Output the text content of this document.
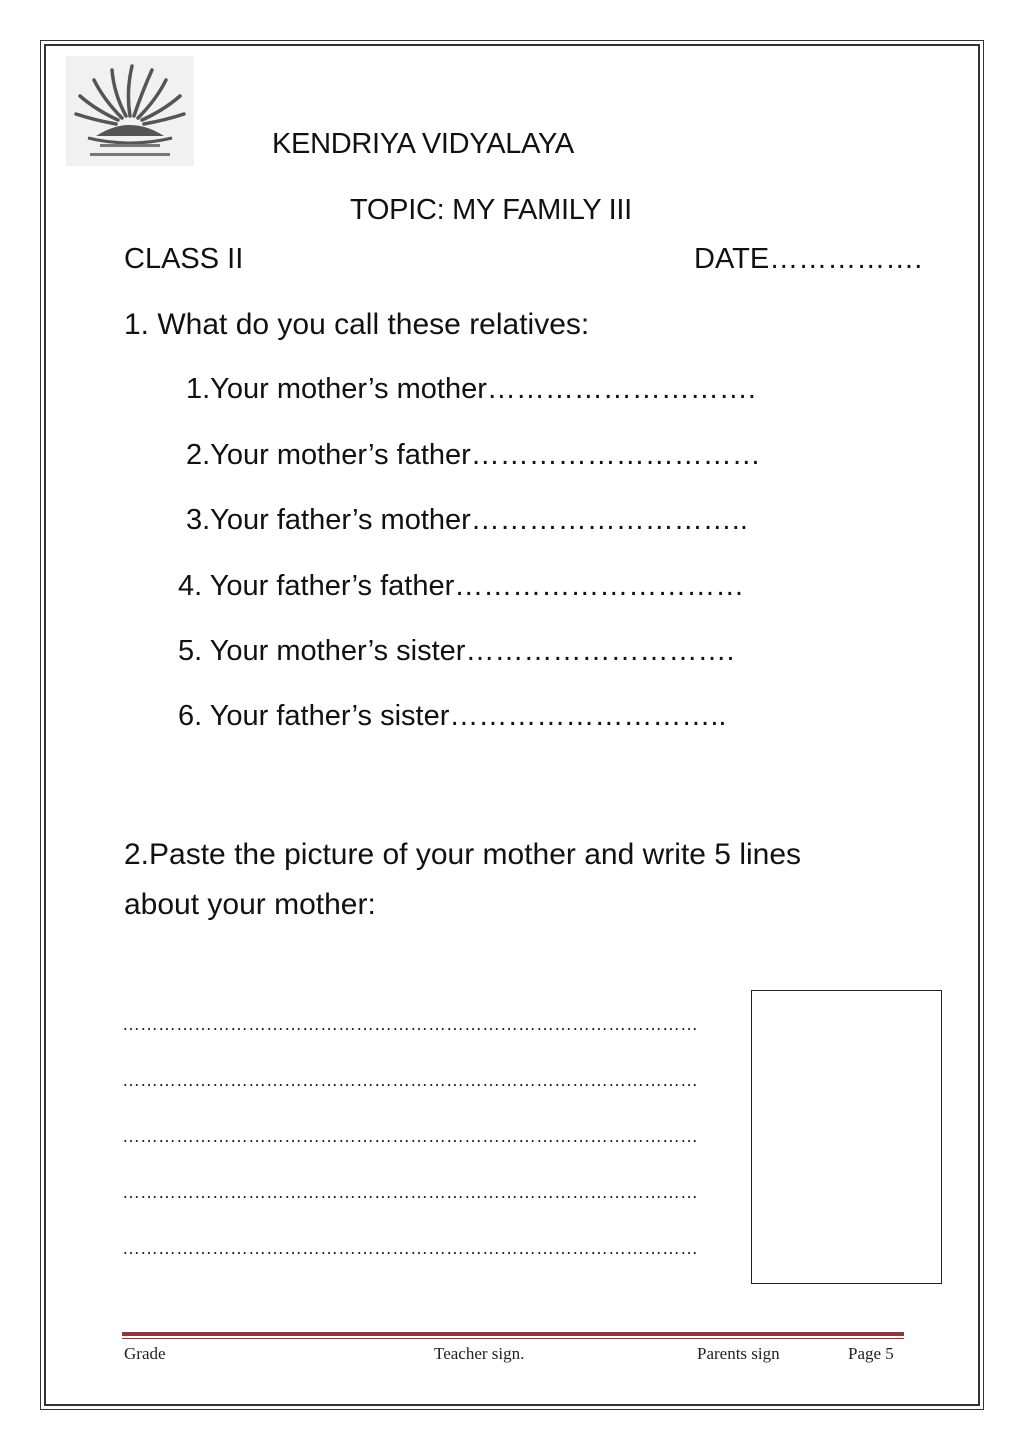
KENDRIYA VIDYALAYA
TOPIC: MY FAMILY III
CLASS II	DATE…………….
1. What do you call these relatives:
1.Your mother’s mother……………………….
2.Your mother’s father…………………………
3.Your father’s mother………………………..
4. Your father’s father…………………………
5. Your mother’s sister……………………….
6. Your father’s sister………………………..
2.Paste the picture of your mother and write 5 lines about your mother:
……………………………………………………………………………………
……………………………………………………………………………………
……………………………………………………………………………………
……………………………………………………………………………………
……………………………………………………………………………………
Grade	Teacher sign.	Parents sign	Page 5
